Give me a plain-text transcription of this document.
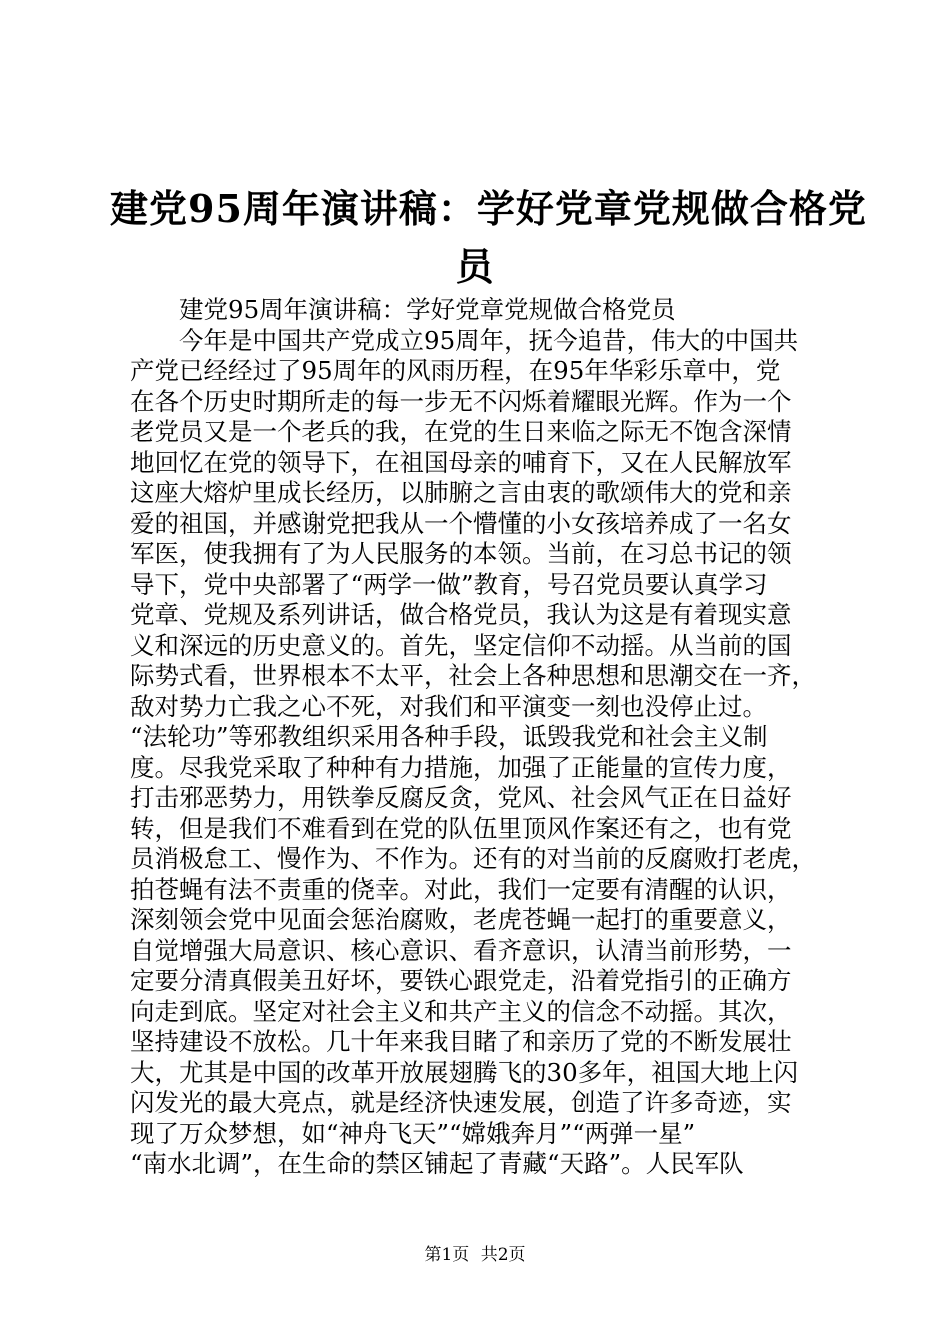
建党95周年演讲稿：学好党章党规做合格党
员
建党95周年演讲稿：学好党章党规做合格党员
今年是中国共产党成立95周年，抚今追昔，伟大的中国共
产党已经经过了95周年的风雨历程，在95年华彩乐章中，党
在各个历史时期所走的每一步无不闪烁着耀眼光辉。作为一个
老党员又是一个老兵的我，在党的生日来临之际无不饱含深情
地回忆在党的领导下，在祖国母亲的哺育下，又在人民解放军
这座大熔炉里成长经历，以肺腑之言由衷的歌颂伟大的党和亲
爱的祖国，并感谢党把我从一个懵懂的小女孩培养成了一名女
军医，使我拥有了为人民服务的本领。当前，在习总书记的领
导下，党中央部署了“两学一做”教育，号召党员要认真学习
党章、党规及系列讲话，做合格党员，我认为这是有着现实意
义和深远的历史意义的。首先，坚定信仰不动摇。从当前的国
际势式看，世界根本不太平，社会上各种思想和思潮交在一齐，
敌对势力亡我之心不死，对我们和平演变一刻也没停止过。
“法轮功”等邪教组织采用各种手段，诋毁我党和社会主义制
度。尽我党采取了种种有力措施，加强了正能量的宣传力度，
打击邪恶势力，用铁拳反腐反贪，党风、社会风气正在日益好
转，但是我们不难看到在党的队伍里顶风作案还有之，也有党
员消极怠工、慢作为、不作为。还有的对当前的反腐败打老虎，
拍苍蝇有法不责重的侥幸。对此，我们一定要有清醒的认识，
深刻领会党中见面会惩治腐败，老虎苍蝇一起打的重要意义，
自觉增强大局意识、核心意识、看齐意识，认清当前形势，一
定要分清真假美丑好坏，要铁心跟党走，沿着党指引的正确方
向走到底。坚定对社会主义和共产主义的信念不动摇。其次，
坚持建设不放松。几十年来我目睹了和亲历了党的不断发展壮
大，尤其是中国的改革开放展翅腾飞的30多年，祖国大地上闪
闪发光的最大亮点，就是经济快速发展，创造了许多奇迹，实
现了万众梦想，如“神舟飞天”“嫦娥奔月”“两弹一星”
“南水北调”，在生命的禁区铺起了青藏“天路”。人民军队
第1页 共2页
